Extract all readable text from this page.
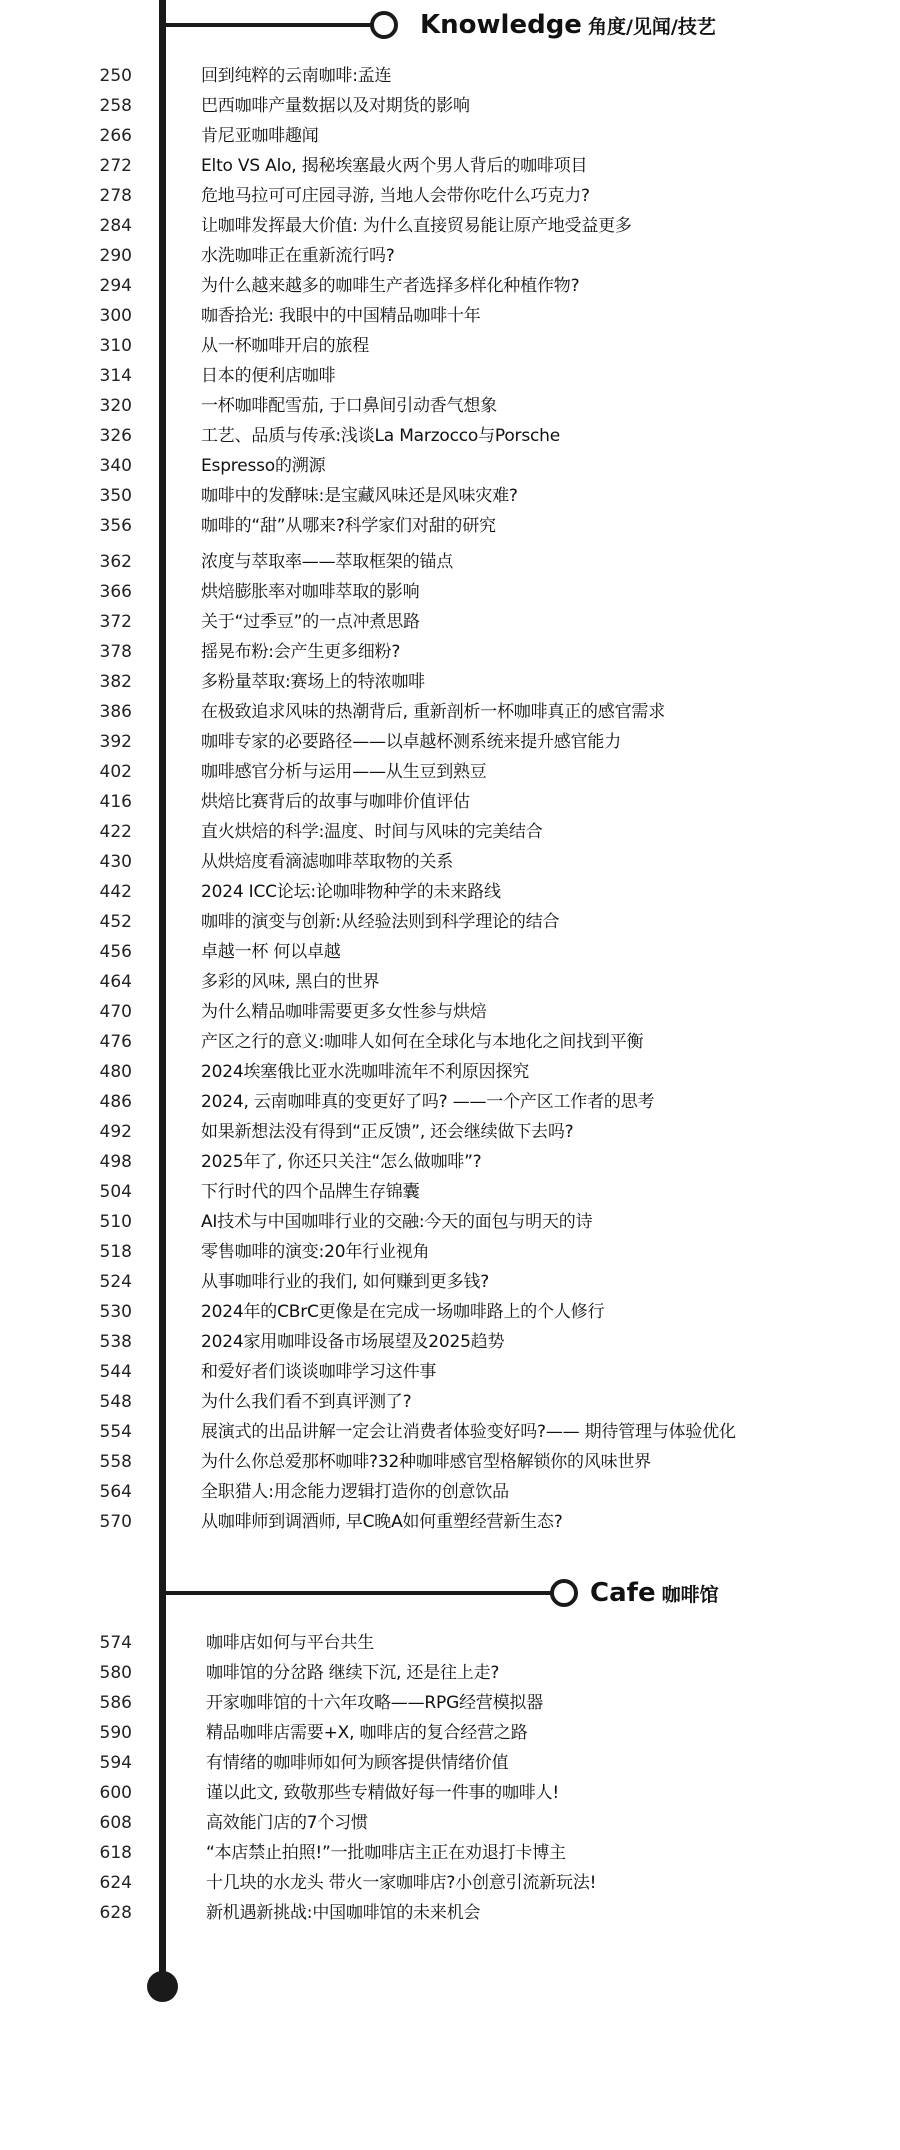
Knowledge 角度/见闻/技艺
250	回到纯粹的云南咖啡:孟连
258	巴西咖啡产量数据以及对期货的影响
266	肯尼亚咖啡趣闻
272	Elto VS Alo, 揭秘埃塞最火两个男人背后的咖啡项目
278	危地马拉可可庄园寻游, 当地人会带你吃什么巧克力?
284	让咖啡发挥最大价值: 为什么直接贸易能让原产地受益更多
290	水洗咖啡正在重新流行吗?
294	为什么越来越多的咖啡生产者选择多样化种植作物?
300	咖香拾光: 我眼中的中国精品咖啡十年
310	从一杯咖啡开启的旅程
314	日本的便利店咖啡
320	一杯咖啡配雪茄, 于口鼻间引动香气想象
326	工艺、品质与传承:浅谈La Marzocco与Porsche
340	Espresso的溯源
350	咖啡中的发酵味:是宝藏风味还是风味灾难?
356	咖啡的“甜”从哪来?科学家们对甜的研究
362	浓度与萃取率——萃取框架的锚点
366	烘焙膨胀率对咖啡萃取的影响
372	关于“过季豆”的一点冲煮思路
378	摇晃布粉:会产生更多细粉?
382	多粉量萃取:赛场上的特浓咖啡
386	在极致追求风味的热潮背后, 重新剖析一杯咖啡真正的感官需求
392	咖啡专家的必要路径——以卓越杯测系统来提升感官能力
402	咖啡感官分析与运用——从生豆到熟豆
416	烘焙比赛背后的故事与咖啡价值评估
422	直火烘焙的科学:温度、时间与风味的完美结合
430	从烘焙度看滴滤咖啡萃取物的关系
442	2024 ICC论坛:论咖啡物种学的未来路线
452	咖啡的演变与创新:从经验法则到科学理论的结合
456	卓越一杯 何以卓越
464	多彩的风味, 黑白的世界
470	为什么精品咖啡需要更多女性参与烘焙
476	产区之行的意义:咖啡人如何在全球化与本地化之间找到平衡
480	2024埃塞俄比亚水洗咖啡流年不利原因探究
486	2024, 云南咖啡真的变更好了吗? ——一个产区工作者的思考
492	如果新想法没有得到“正反馈”, 还会继续做下去吗?
498	2025年了, 你还只关注“怎么做咖啡”?
504	下行时代的四个品牌生存锦囊
510	AI技术与中国咖啡行业的交融:今天的面包与明天的诗
518	零售咖啡的演变:20年行业视角
524	从事咖啡行业的我们, 如何赚到更多钱?
530	2024年的CBrC更像是在完成一场咖啡路上的个人修行
538	2024家用咖啡设备市场展望及2025趋势
544	和爱好者们谈谈咖啡学习这件事
548	为什么我们看不到真评测了?
554	展演式的出品讲解一定会让消费者体验变好吗?—— 期待管理与体验优化
558	为什么你总爱那杯咖啡?32种咖啡感官型格解锁你的风味世界
564	全职猎人:用念能力逻辑打造你的创意饮品
570	从咖啡师到调酒师, 早C晚A如何重塑经营新生态?
Cafe 咖啡馆
574	咖啡店如何与平台共生
580	咖啡馆的分岔路 继续下沉, 还是往上走?
586	开家咖啡馆的十六年攻略——RPG经营模拟器
590	精品咖啡店需要+X, 咖啡店的复合经营之路
594	有情绪的咖啡师如何为顾客提供情绪价值
600	谨以此文, 致敬那些专精做好每一件事的咖啡人!
608	高效能门店的7个习惯
618	“本店禁止拍照!”一批咖啡店主正在劝退打卡博主
624	十几块的水龙头 带火一家咖啡店?小创意引流新玩法!
628	新机遇新挑战:中国咖啡馆的未来机会
